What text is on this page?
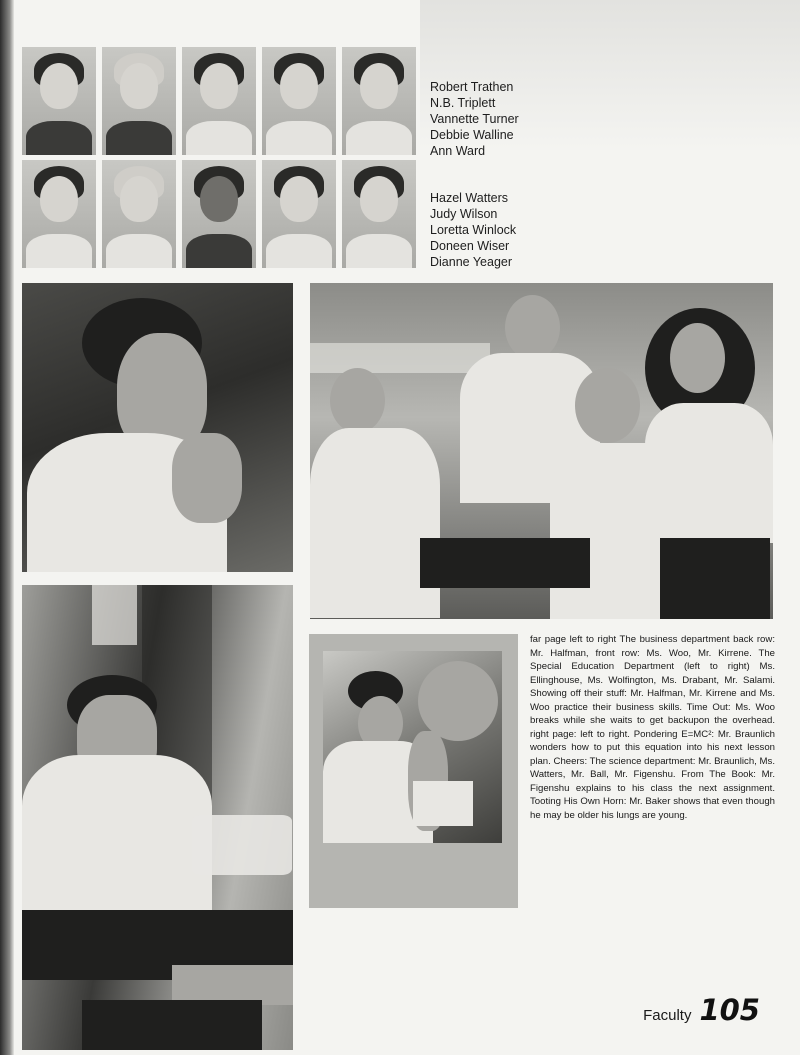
Robert Trathen
N.B. Triplett
Vannette Turner
Debbie Walline
Ann Ward
Hazel Watters
Judy Wilson
Loretta Winlock
Doneen Wiser
Dianne Yeager
far page left to right The business department back row: Mr. Halfman, front row: Ms. Woo, Mr. Kirrene. The Special Education Department (left to right) Ms. Ellinghouse, Ms. Wolfington, Ms. Drabant, Mr. Salami. Showing off their stuff: Mr. Halfman, Mr. Kirrene and Ms. Woo practice their business skills. Time Out: Ms. Woo breaks while she waits to get backupon the overhead. right page: left to right. Pondering E=MC²: Mr. Braunlich wonders how to put this equation into his next lesson plan. Cheers: The science department: Mr. Braunlich, Ms. Watters, Mr. Ball, Mr. Figenshu. From The Book: Mr. Figenshu explains to his class the next assignment. Tooting His Own Horn: Mr. Baker shows that even though he may be older his lungs are young.
Faculty 105
